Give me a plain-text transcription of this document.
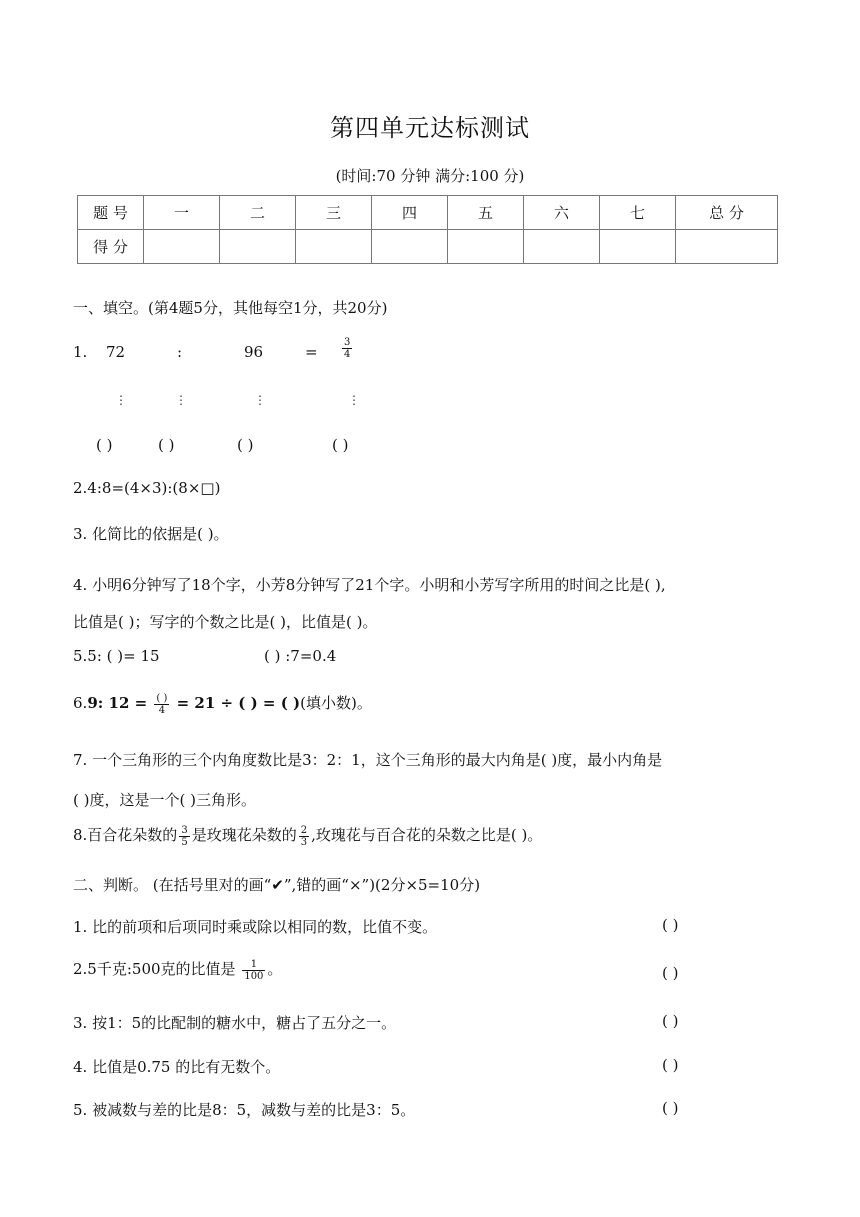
第四单元达标测试
(时间:70 分钟 满分:100 分)
题 号	一	二	三	四	五	六	七	总 分
得 分								
一、填空。(第4题5分，其他每空1分，共20分)
1. 72	:	96	= $\frac{3}{4}$
⋮	⋮	⋮	⋮
( )	( )	( )	( )
2.4:8=(4×3):(8×□)
3. 化简比的依据是( )。
4. 小明6分钟写了18个字，小芳8分钟写了21个字。小明和小芳写字所用的时间之比是( ),
比值是( )；写字的个数之比是( )，比值是( )。
5.5: ( )= 15	( ) :7=0.4
6.9: $12 = \frac{( )}{4} = 21$ ÷ ( ) = ( )(填小数)。
7. 一个三角形的三个内角度数比是3：2：1，这个三角形的最大内角是( )度，最小内角是
( )度，这是一个( )三角形。
8.百合花朵数的 $\frac{3}{5}$ 是玫瑰花朵数的 $\frac{2}{3}$ ,玫瑰花与百合花的朵数之比是( )。
二、判断。 (在括号里对的画“✔”,错的画“×”)(2分×5=10分)
1. 比的前项和后项同时乘或除以相同的数，比值不变。	( )
2.5千克:500克的比值是 $\frac{1}{100}$ 。	( )
3. 按1：5的比配制的糖水中，糖占了五分之一。	( )
4. 比值是0.75 的比有无数个。	( )
5. 被减数与差的比是8：5，减数与差的比是3：5。	( )
